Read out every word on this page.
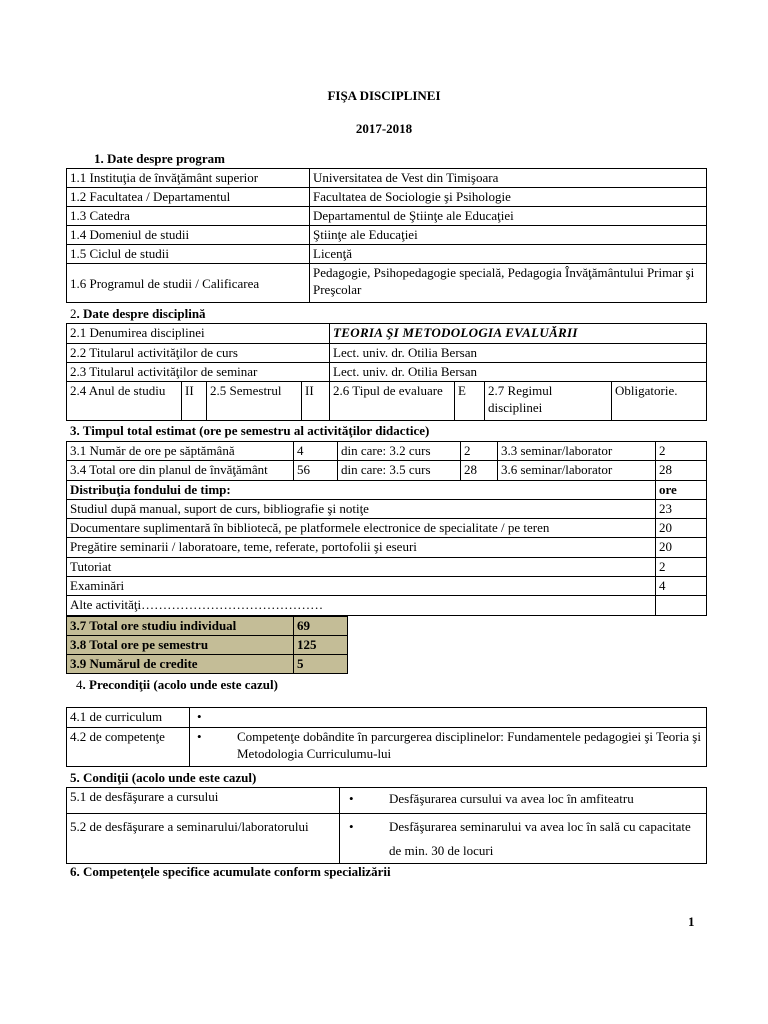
FIŞA DISCIPLINEI
2017-2018
1. Date despre program
1.1 Instituţia de învăţământ superior	Universitatea de Vest din Timişoara
1.2 Facultatea / Departamentul	Facultatea de Sociologie şi Psihologie
1.3 Catedra	Departamentul de Ştiinţe ale Educaţiei
1.4 Domeniul de studii	Ştiinţe ale Educaţiei
1.5 Ciclul de studii	Licenţă
1.6 Programul de studii / Calificarea	Pedagogie, Psihopedagogie specială, Pedagogia Învăţământului Primar şi Preşcolar
2. Date despre disciplină
2.1 Denumirea disciplinei				TEORIA ŞI METODOLOGIA EVALUĂRII			
2.2 Titularul activităţilor de curs				Lect. univ. dr. Otilia Bersan			
2.3 Titularul activităţilor de seminar				Lect. univ. dr. Otilia Bersan			
2.4 Anul de studiu	II	2.5 Semestrul	II	2.6 Tipul de evaluare	E	2.7 Regimul disciplinei	Obligatorie.
3. Timpul total estimat (ore pe semestru al activităţilor didactice)
3.1 Număr de ore pe săptămână	4	din care: 3.2 curs	2	3.3 seminar/laborator	2
3.4 Total ore din planul de învăţământ	56	din care: 3.5 curs	28	3.6 seminar/laborator	28
Distribuţia fondului de timp:					ore
Studiul după manual, suport de curs, bibliografie şi notiţe					23
Documentare suplimentară în bibliotecă, pe platformele electronice de specialitate / pe teren					20
Pregătire seminarii / laboratoare, teme, referate, portofolii şi eseuri					20
Tutoriat					2
Examinări					4
Alte activităţi……………………………………					
3.7 Total ore studiu individual	69
3.8 Total ore pe semestru	125
3.9 Numărul de credite	5
4. Precondiţii (acolo unde este cazul)
4.1 de curriculum	•
4.2 de competenţe	• Competenţe dobândite în parcurgerea disciplinelor: Fundamentele pedagogiei şi Teoria şi Metodologia Curriculumu-lui
5. Condiţii (acolo unde este cazul)
5.1 de desfăşurare a cursului	• Desfăşurarea cursului va avea loc în amfiteatru

5.2 de desfăşurare a seminarului/laboratorului	• Desfăşurarea seminarului va avea loc în sală cu capacitate de min. 30 de locuri
6. Competenţele specifice acumulate conform specializării
1
